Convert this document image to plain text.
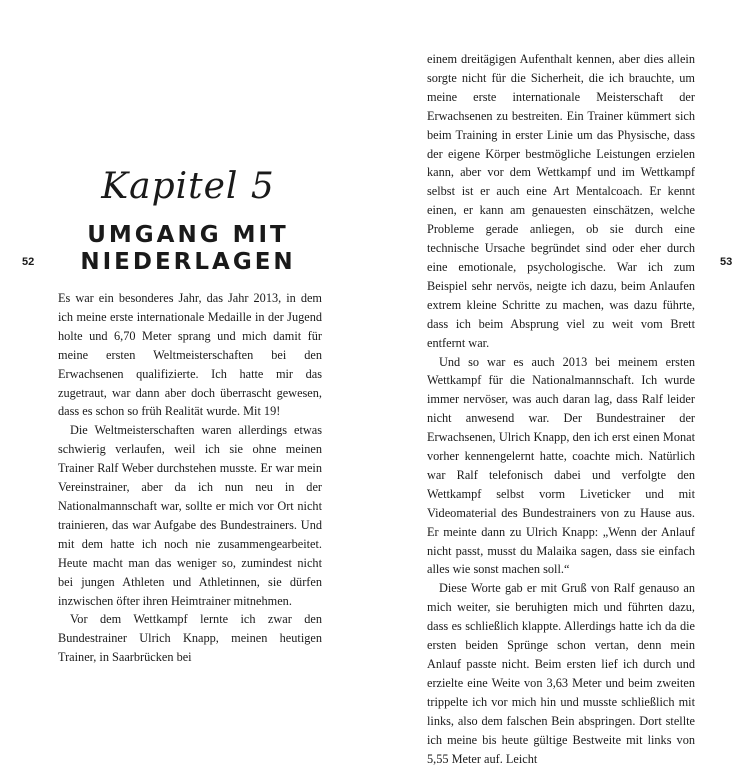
52
Kapitel 5
UMGANG MIT NIEDERLAGEN

Es war ein besonderes Jahr, das Jahr 2013, in dem ich meine erste internationale Medaille in der Jugend holte und 6,70 Meter sprang und mich damit für meine ersten Weltmeisterschaften bei den Erwachsenen qualifizierte. Ich hatte mir das zugetraut, war dann aber doch überrascht gewesen, dass es schon so früh Realität wurde. Mit 19!

Die Weltmeisterschaften waren allerdings etwas schwierig verlaufen, weil ich sie ohne meinen Trainer Ralf Weber durchstehen musste. Er war mein Vereinstrainer, aber da ich nun neu in der Nationalmannschaft war, sollte er mich vor Ort nicht trainieren, das war Aufgabe des Bundestrainers. Und mit dem hatte ich noch nie zusammengearbeitet. Heute macht man das weniger so, zumindest nicht bei jungen Athleten und Athletinnen, sie dürfen inzwischen öfter ihren Heimtrainer mitnehmen.

Vor dem Wettkampf lernte ich zwar den Bundestrainer Ulrich Knapp, meinen heutigen Trainer, in Saarbrücken bei

53

einem dreitägigen Aufenthalt kennen, aber dies allein sorgte nicht für die Sicherheit, die ich brauchte, um meine erste internationale Meisterschaft der Erwachsenen zu bestreiten. Ein Trainer kümmert sich beim Training in erster Linie um das Physische, dass der eigene Körper bestmögliche Leistungen erzielen kann, aber vor dem Wettkampf und im Wettkampf selbst ist er auch eine Art Mentalcoach. Er kennt einen, er kann am genauesten einschätzen, welche Probleme gerade anliegen, ob sie durch eine technische Ursache begründet sind oder eher durch eine emotionale, psychologische. War ich zum Beispiel sehr nervös, neigte ich dazu, beim Anlaufen extrem kleine Schritte zu machen, was dazu führte, dass ich beim Absprung viel zu weit vom Brett entfernt war.

Und so war es auch 2013 bei meinem ersten Wettkampf für die Nationalmannschaft. Ich wurde immer nervöser, was auch daran lag, dass Ralf leider nicht anwesend war. Der Bundestrainer der Erwachsenen, Ulrich Knapp, den ich erst einen Monat vorher kennengelernt hatte, coachte mich. Natürlich war Ralf telefonisch dabei und verfolgte den Wettkampf selbst vorm Liveticker und mit Videomaterial des Bundestrainers von zu Hause aus. Er meinte dann zu Ulrich Knapp: „Wenn der Anlauf nicht passt, musst du Malaika sagen, dass sie einfach alles wie sonst machen soll.“

Diese Worte gab er mit Gruß von Ralf genauso an mich weiter, sie beruhigten mich und führten dazu, dass es schließlich klappte. Allerdings hatte ich da die ersten beiden Sprünge schon vertan, denn mein Anlauf passte nicht. Beim ersten lief ich durch und erzielte eine Weite von 3,63 Meter und beim zweiten trippelte ich vor mich hin und musste schließlich mit links, also dem falschen Bein abspringen. Dort stellte ich meine bis heute gültige Bestweite mit links von 5,55 Meter auf. Leicht
